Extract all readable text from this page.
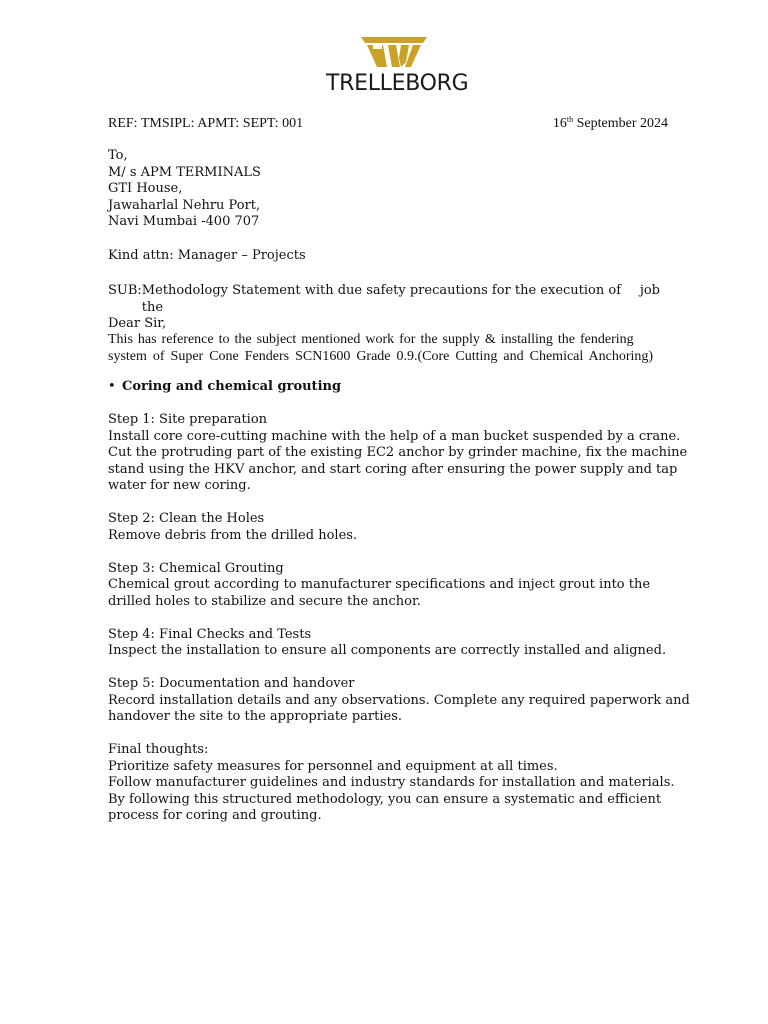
TRELLEBORG
REF: TMSIPL: APMT: SEPT: 001	16th September 2024
To,
M/ s APM TERMINALS
GTI House,
Jawaharlal Nehru Port,
Navi Mumbai -400 707
Kind attn: Manager – Projects
SUB: Methodology Statement with due safety precautions for the execution of the
job
Dear Sir,
This has reference to the subject mentioned work for the supply & installing the fendering
system of Super Cone Fenders SCN1600 Grade 0.9.(Core Cutting and Chemical Anchoring)
• Coring and chemical grouting
Step 1: Site preparation
Install core core-cutting machine with the help of a man bucket suspended by a crane.
Cut the protruding part of the existing EC2 anchor by grinder machine, fix the machine
stand using the HKV anchor, and start coring after ensuring the power supply and tap
water for new coring.
Step 2: Clean the Holes
Remove debris from the drilled holes.
Step 3: Chemical Grouting
Chemical grout according to manufacturer specifications and inject grout into the
drilled holes to stabilize and secure the anchor.
Step 4: Final Checks and Tests
Inspect the installation to ensure all components are correctly installed and aligned.
Step 5: Documentation and handover
Record installation details and any observations. Complete any required paperwork and
handover the site to the appropriate parties.
Final thoughts:
Prioritize safety measures for personnel and equipment at all times.
Follow manufacturer guidelines and industry standards for installation and materials.
By following this structured methodology, you can ensure a systematic and efficient
process for coring and grouting.
